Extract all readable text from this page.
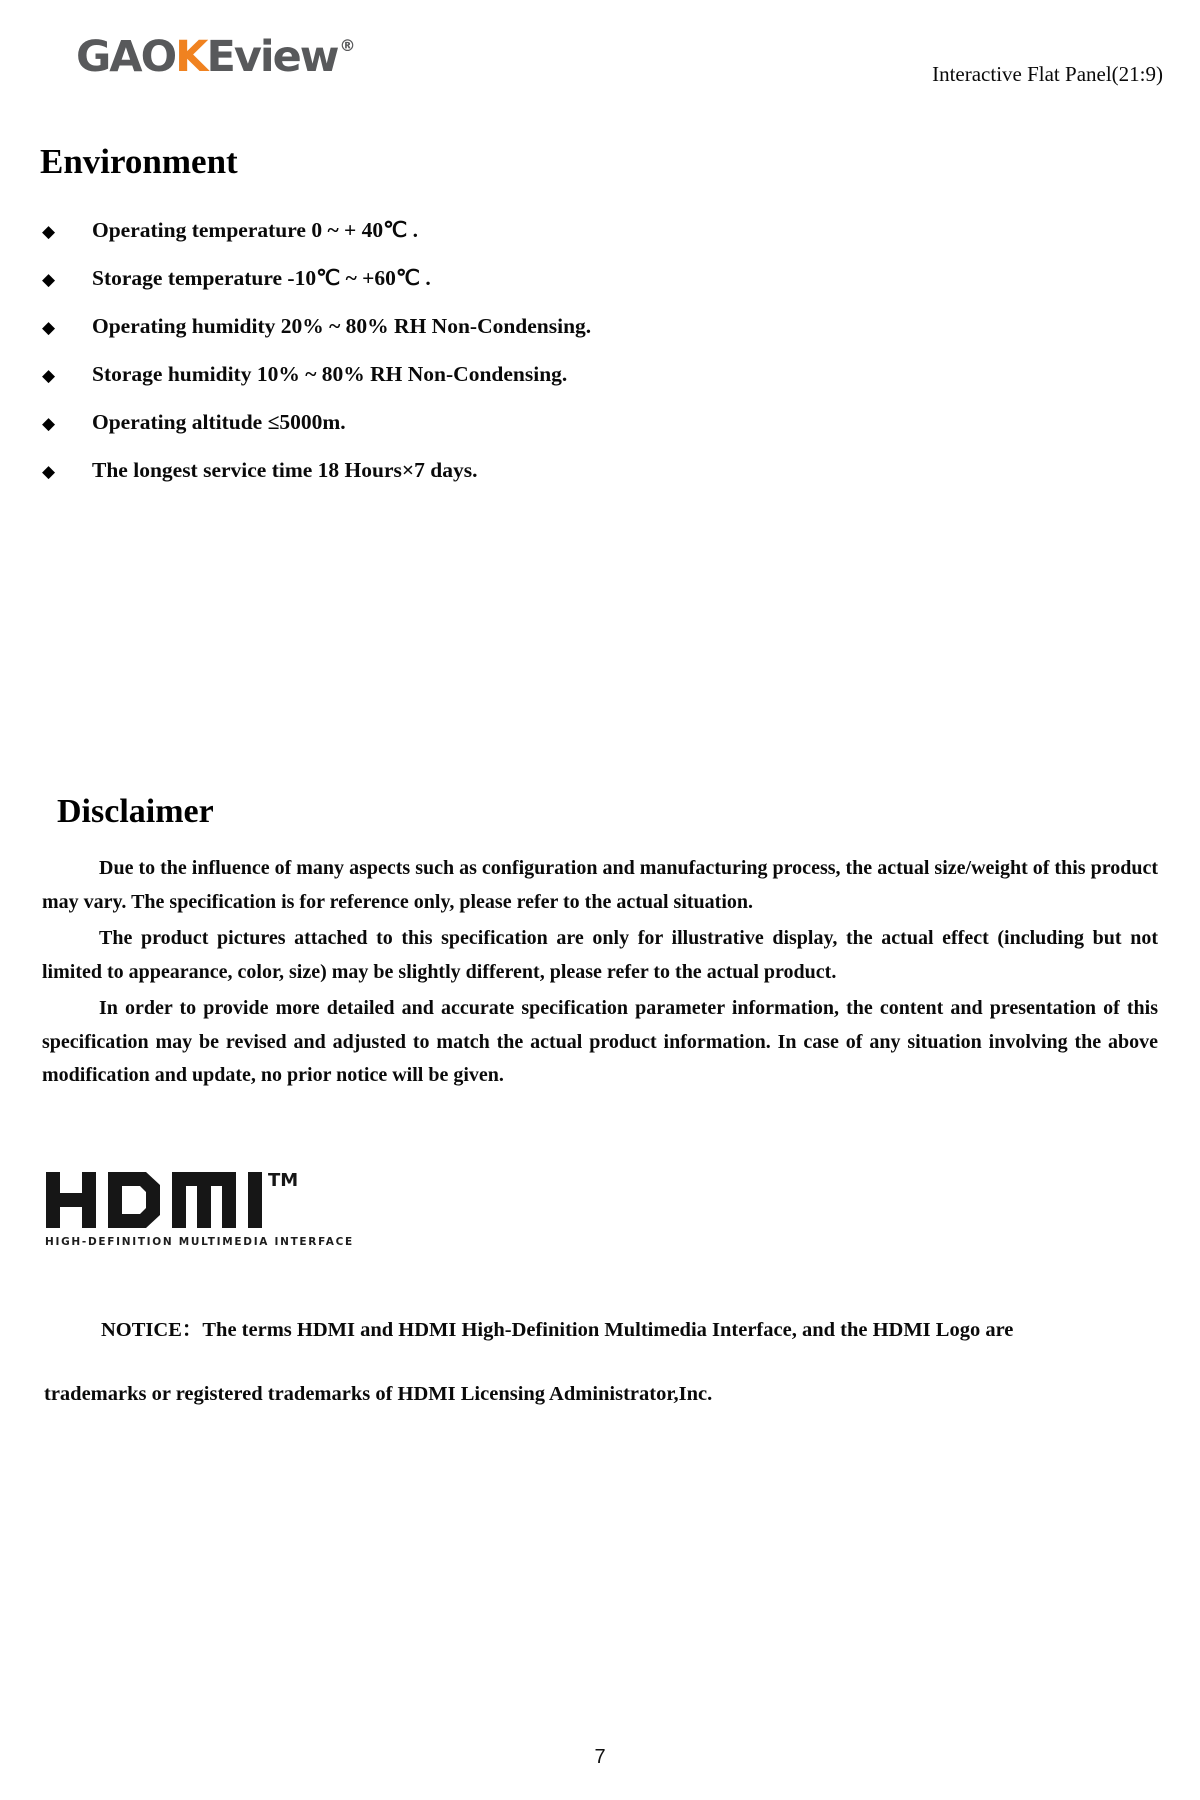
GAOKEview ®
Interactive Flat Panel(21:9)
Environment
◆ Operating temperature 0 ~ + 40℃ .
◆ Storage temperature -10℃ ~ +60℃ .
◆ Operating humidity 20% ~ 80% RH Non-Condensing.
◆ Storage humidity 10% ~ 80% RH Non-Condensing.
◆ Operating altitude ≤5000m.
◆ The longest service time 18 Hours×7 days.
Disclaimer

Due to the influence of many aspects such as configuration and manufacturing process, the actual size/weight of this product may vary. The specification is for reference only, please refer to the actual situation.

The product pictures attached to this specification are only for illustrative display, the actual effect (including but not limited to appearance, color, size) may be slightly different, please refer to the actual product.

In order to provide more detailed and accurate specification parameter information, the content and presentation of this specification may be revised and adjusted to match the actual product information. In case of any situation involving the above modification and update, no prior notice will be given.

TM
HIGH-DEFINITION MULTIMEDIA INTERFACE
NOTICE：The terms HDMI and HDMI High-Definition Multimedia Interface, and the HDMI Logo are
trademarks or registered trademarks of HDMI Licensing Administrator,Inc.
7
